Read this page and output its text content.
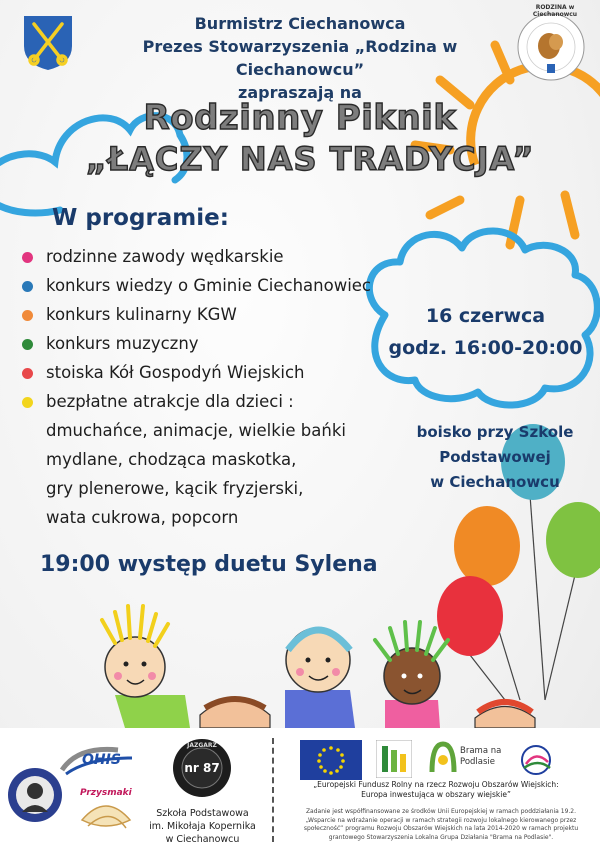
RODZINA w Ciechanowcu
Burmistrz Ciechanowca
Prezes Stowarzyszenia „Rodzina w Ciechanowcu”
zapraszają na
Rodzinny Piknik
„ŁĄCZY NAS TRADYCJA”
W programie:
rodzinne zawody wędkarskie
konkurs wiedzy o Gminie Ciechanowiec
konkurs kulinarny KGW
konkurs muzyczny
stoiska Kół Gospodyń Wiejskich
bezpłatne atrakcje dla dzieci :
dmuchańce, animacje, wielkie bańki
mydlane, chodząca maskotka,
gry plenerowe, kącik fryzjerski,
wata cukrowa, popcorn
16 czerwca
godz. 16:00-20:00
boisko przy Szkole
Podstawowej
w Ciechanowcu
19:00 występ duetu Sylena
OHIS
Przysmaki
JAZGARZ
nr 87
Szkoła Podstawowa
im. Mikołaja Kopernika
w Ciechanowcu
Brama na
Podlasie
„Europejski Fundusz Rolny na rzecz Rozwoju Obszarów Wiejskich:
Europa inwestująca w obszary wiejskie”
Zadanie jest współfinansowane ze środków Unii Europejskiej w ramach poddziałania 19.2. „Wsparcie na wdrażanie operacji w ramach strategii rozwoju lokalnego kierowanego przez społeczność” programu Rozwoju Obszarów Wiejskich na lata 2014-2020 w ramach projektu grantowego Stowarzyszenia Lokalna Grupa Działania "Brama na Podlasie".
